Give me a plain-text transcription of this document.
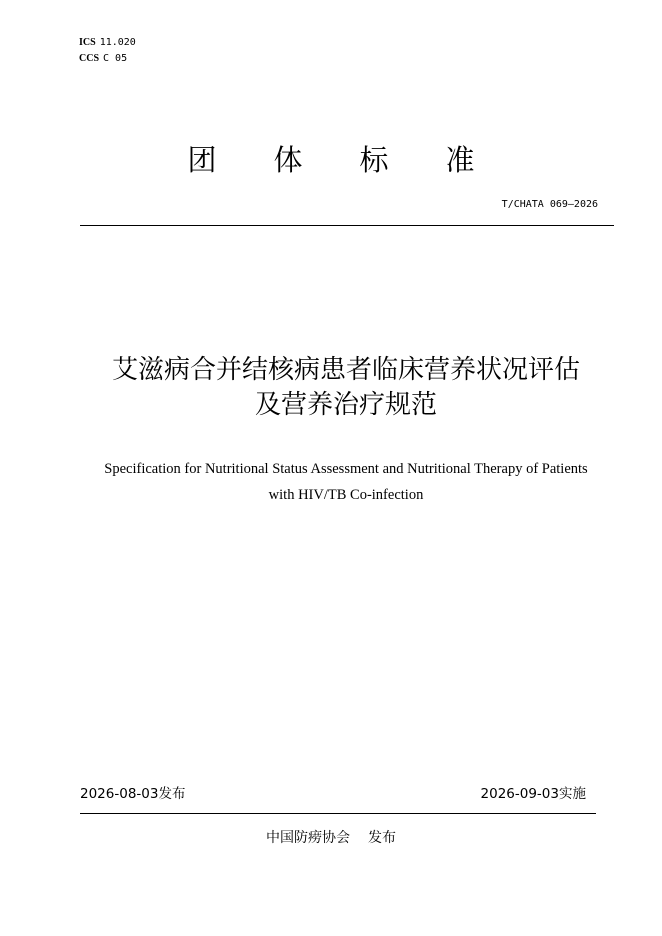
ICS 11.020
CCS C 05
团 体 标 准
T/CHATA 069—2026
艾滋病合并结核病患者临床营养状况评估
及营养治疗规范
Specification for Nutritional Status Assessment and Nutritional Therapy of Patients
with HIV/TB Co-infection
2026-08-03发布	2026-09-03实施
中国防痨协会 发布
